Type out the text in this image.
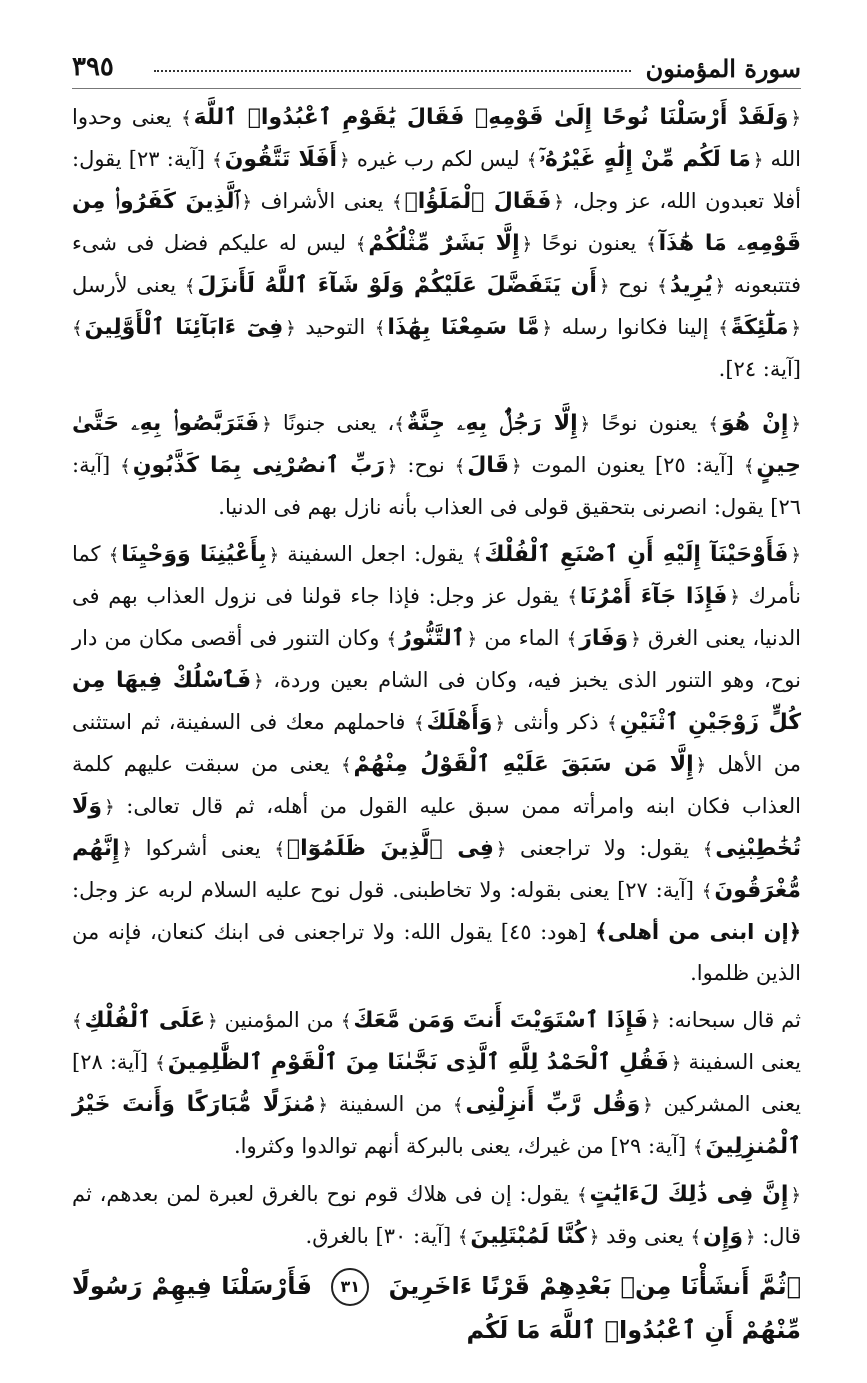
سورة المؤمنون
٣٩٥

﴿ وَلَقَدْ أَرْسَلْنَا نُوحًا إِلَىٰ قَوْمِهِۦ فَقَالَ يَٰقَوْمِ ٱعْبُدُوا۟ ٱللَّهَ ﴾ يعنى وحدوا الله ﴿ مَا لَكُم مِّنْ إِلَٰهٍ غَيْرُهُۥٓ ﴾ ليس لكم رب غيره ﴿ أَفَلَا تَتَّقُونَ ﴾ [آية: ٢٣] يقول: أفلا تعبدون الله، عز وجل، ﴿ فَقَالَ ٱلْمَلَؤُا۟ ﴾ يعنى الأشراف ﴿ ٱلَّذِينَ كَفَرُوا۟ مِن قَوْمِهِۦ مَا هَٰذَآ ﴾ يعنون نوحًا ﴿ إِلَّا بَشَرٌ مِّثْلُكُمْ ﴾ ليس له عليكم فضل فى شىء فتتبعونه ﴿ يُرِيدُ ﴾ نوح ﴿ أَن يَتَفَضَّلَ عَلَيْكُمْ وَلَوْ شَآءَ ٱللَّهُ لَأَنزَلَ ﴾ يعنى لأرسل ﴿ مَلَٰٓئِكَةً ﴾ إلينا فكانوا رسله ﴿ مَّا سَمِعْنَا بِهَٰذَا ﴾ التوحيد ﴿ فِىٓ ءَابَآئِنَا ٱلْأَوَّلِينَ ﴾ [آية: ٢٤].

﴿ إِنْ هُوَ ﴾ يعنون نوحًا ﴿ إِلَّا رَجُلٌۢ بِهِۦ جِنَّةٌ ﴾، يعنى جنونًا ﴿ فَتَرَبَّصُوا۟ بِهِۦ حَتَّىٰ حِينٍ ﴾ [آية: ٢٥] يعنون الموت ﴿ قَالَ ﴾ نوح: ﴿ رَبِّ ٱنصُرْنِى بِمَا كَذَّبُونِ ﴾ [آية: ٢٦] يقول: انصرنى بتحقيق قولى فى العذاب بأنه نازل بهم فى الدنيا.

﴿ فَأَوْحَيْنَآ إِلَيْهِ أَنِ ٱصْنَعِ ٱلْفُلْكَ ﴾ يقول: اجعل السفينة ﴿ بِأَعْيُنِنَا وَوَحْيِنَا ﴾ كما نأمرك ﴿ فَإِذَا جَآءَ أَمْرُنَا ﴾ يقول عز وجل: فإذا جاء قولنا فى نزول العذاب بهم فى الدنيا، يعنى الغرق ﴿ وَفَارَ ﴾ الماء من ﴿ ٱلتَّنُّورُ ﴾ وكان التنور فى أقصى مكان من دار نوح، وهو التنور الذى يخبز فيه، وكان فى الشام بعين وردة، ﴿ فَٱسْلُكْ فِيهَا مِن كُلٍّ زَوْجَيْنِ ٱثْنَيْنِ ﴾ ذكر وأنثى ﴿ وَأَهْلَكَ ﴾ فاحملهم معك فى السفينة، ثم استثنى من الأهل ﴿ إِلَّا مَن سَبَقَ عَلَيْهِ ٱلْقَوْلُ مِنْهُمْ ﴾ يعنى من سبقت عليهم كلمة العذاب فكان ابنه وامرأته ممن سبق عليه القول من أهله، ثم قال تعالى: ﴿ وَلَا تُخَٰطِبْنِى ﴾ يقول: ولا تراجعنى ﴿ فِى ٱلَّذِينَ ظَلَمُوٓا۟ ﴾ يعنى أشركوا ﴿ إِنَّهُم مُّغْرَقُونَ ﴾ [آية: ٢٧] يعنى بقوله: ولا تخاطبنى. قول نوح عليه السلام لربه عز وجل: ﴿إن ابنى من أهلى﴾ [هود: ٤٥] يقول الله: ولا تراجعنى فى ابنك كنعان، فإنه من الذين ظلموا.

ثم قال سبحانه: ﴿ فَإِذَا ٱسْتَوَيْتَ أَنتَ وَمَن مَّعَكَ ﴾ من المؤمنين ﴿ عَلَى ٱلْفُلْكِ ﴾ يعنى السفينة ﴿ فَقُلِ ٱلْحَمْدُ لِلَّهِ ٱلَّذِى نَجَّىٰنَا مِنَ ٱلْقَوْمِ ٱلظَّٰلِمِينَ ﴾ [آية: ٢٨] يعنى المشركين ﴿ وَقُل رَّبِّ أَنزِلْنِى ﴾ من السفينة ﴿ مُنزَلًا مُّبَارَكًا وَأَنتَ خَيْرُ ٱلْمُنزِلِينَ ﴾ [آية: ٢٩] من غيرك، يعنى بالبركة أنهم توالدوا وكثروا.

﴿ إِنَّ فِى ذَٰلِكَ لَءَايَٰتٍ ﴾ يقول: إن فى هلاك قوم نوح بالغرق لعبرة لمن بعدهم، ثم قال: ﴿ وَإِن ﴾ يعنى وقد ﴿ كُنَّا لَمُبْتَلِينَ ﴾ [آية: ٣٠] بالغرق.

﴿ثُمَّ أَنشَأْنَا مِنۢ بَعْدِهِمْ قَرْنًا ءَاخَرِينَ ٣١ فَأَرْسَلْنَا فِيهِمْ رَسُولًا مِّنْهُمْ أَنِ ٱعْبُدُوا۟ ٱللَّهَ مَا لَكُم
